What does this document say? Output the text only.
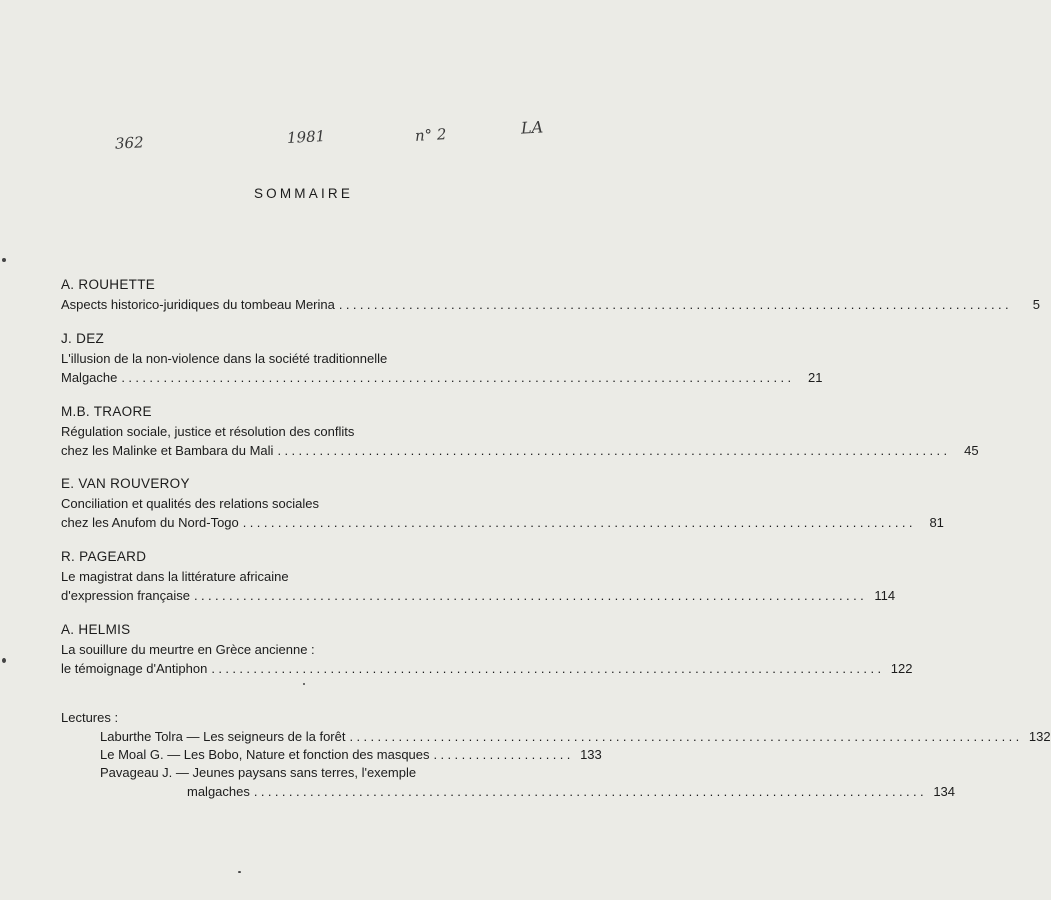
362	1981	n° 2	LA
SOMMAIRE
A. ROUHETTE
Aspects historico-juridiques du tombeau Merina ................................................................................................	5
J. DEZ
L'illusion de la non-violence dans la société traditionnelle
Malgache ................................................................................................	21
M.B. TRAORE
Régulation sociale, justice et résolution des conflits
chez les Malinke et Bambara du Mali ................................................................................................	45
E. VAN ROUVEROY
Conciliation et qualités des relations sociales
chez les Anufom du Nord-Togo ................................................................................................	81
R. PAGEARD
Le magistrat dans la littérature africaine
d'expression française ................................................................................................ 114
A. HELMIS
La souillure du meurtre en Grèce ancienne :
le témoignage d'Antiphon ................................................................................................ 122
Lectures :
Laburthe Tolra — Les seigneurs de la forêt ................................................................................................ 132
Le Moal G. — Les Bobo, Nature et fonction des masques .................... 133
Pavageau J. — Jeunes paysans sans terres, l'exemple
malgaches ................................................................................................ 134
